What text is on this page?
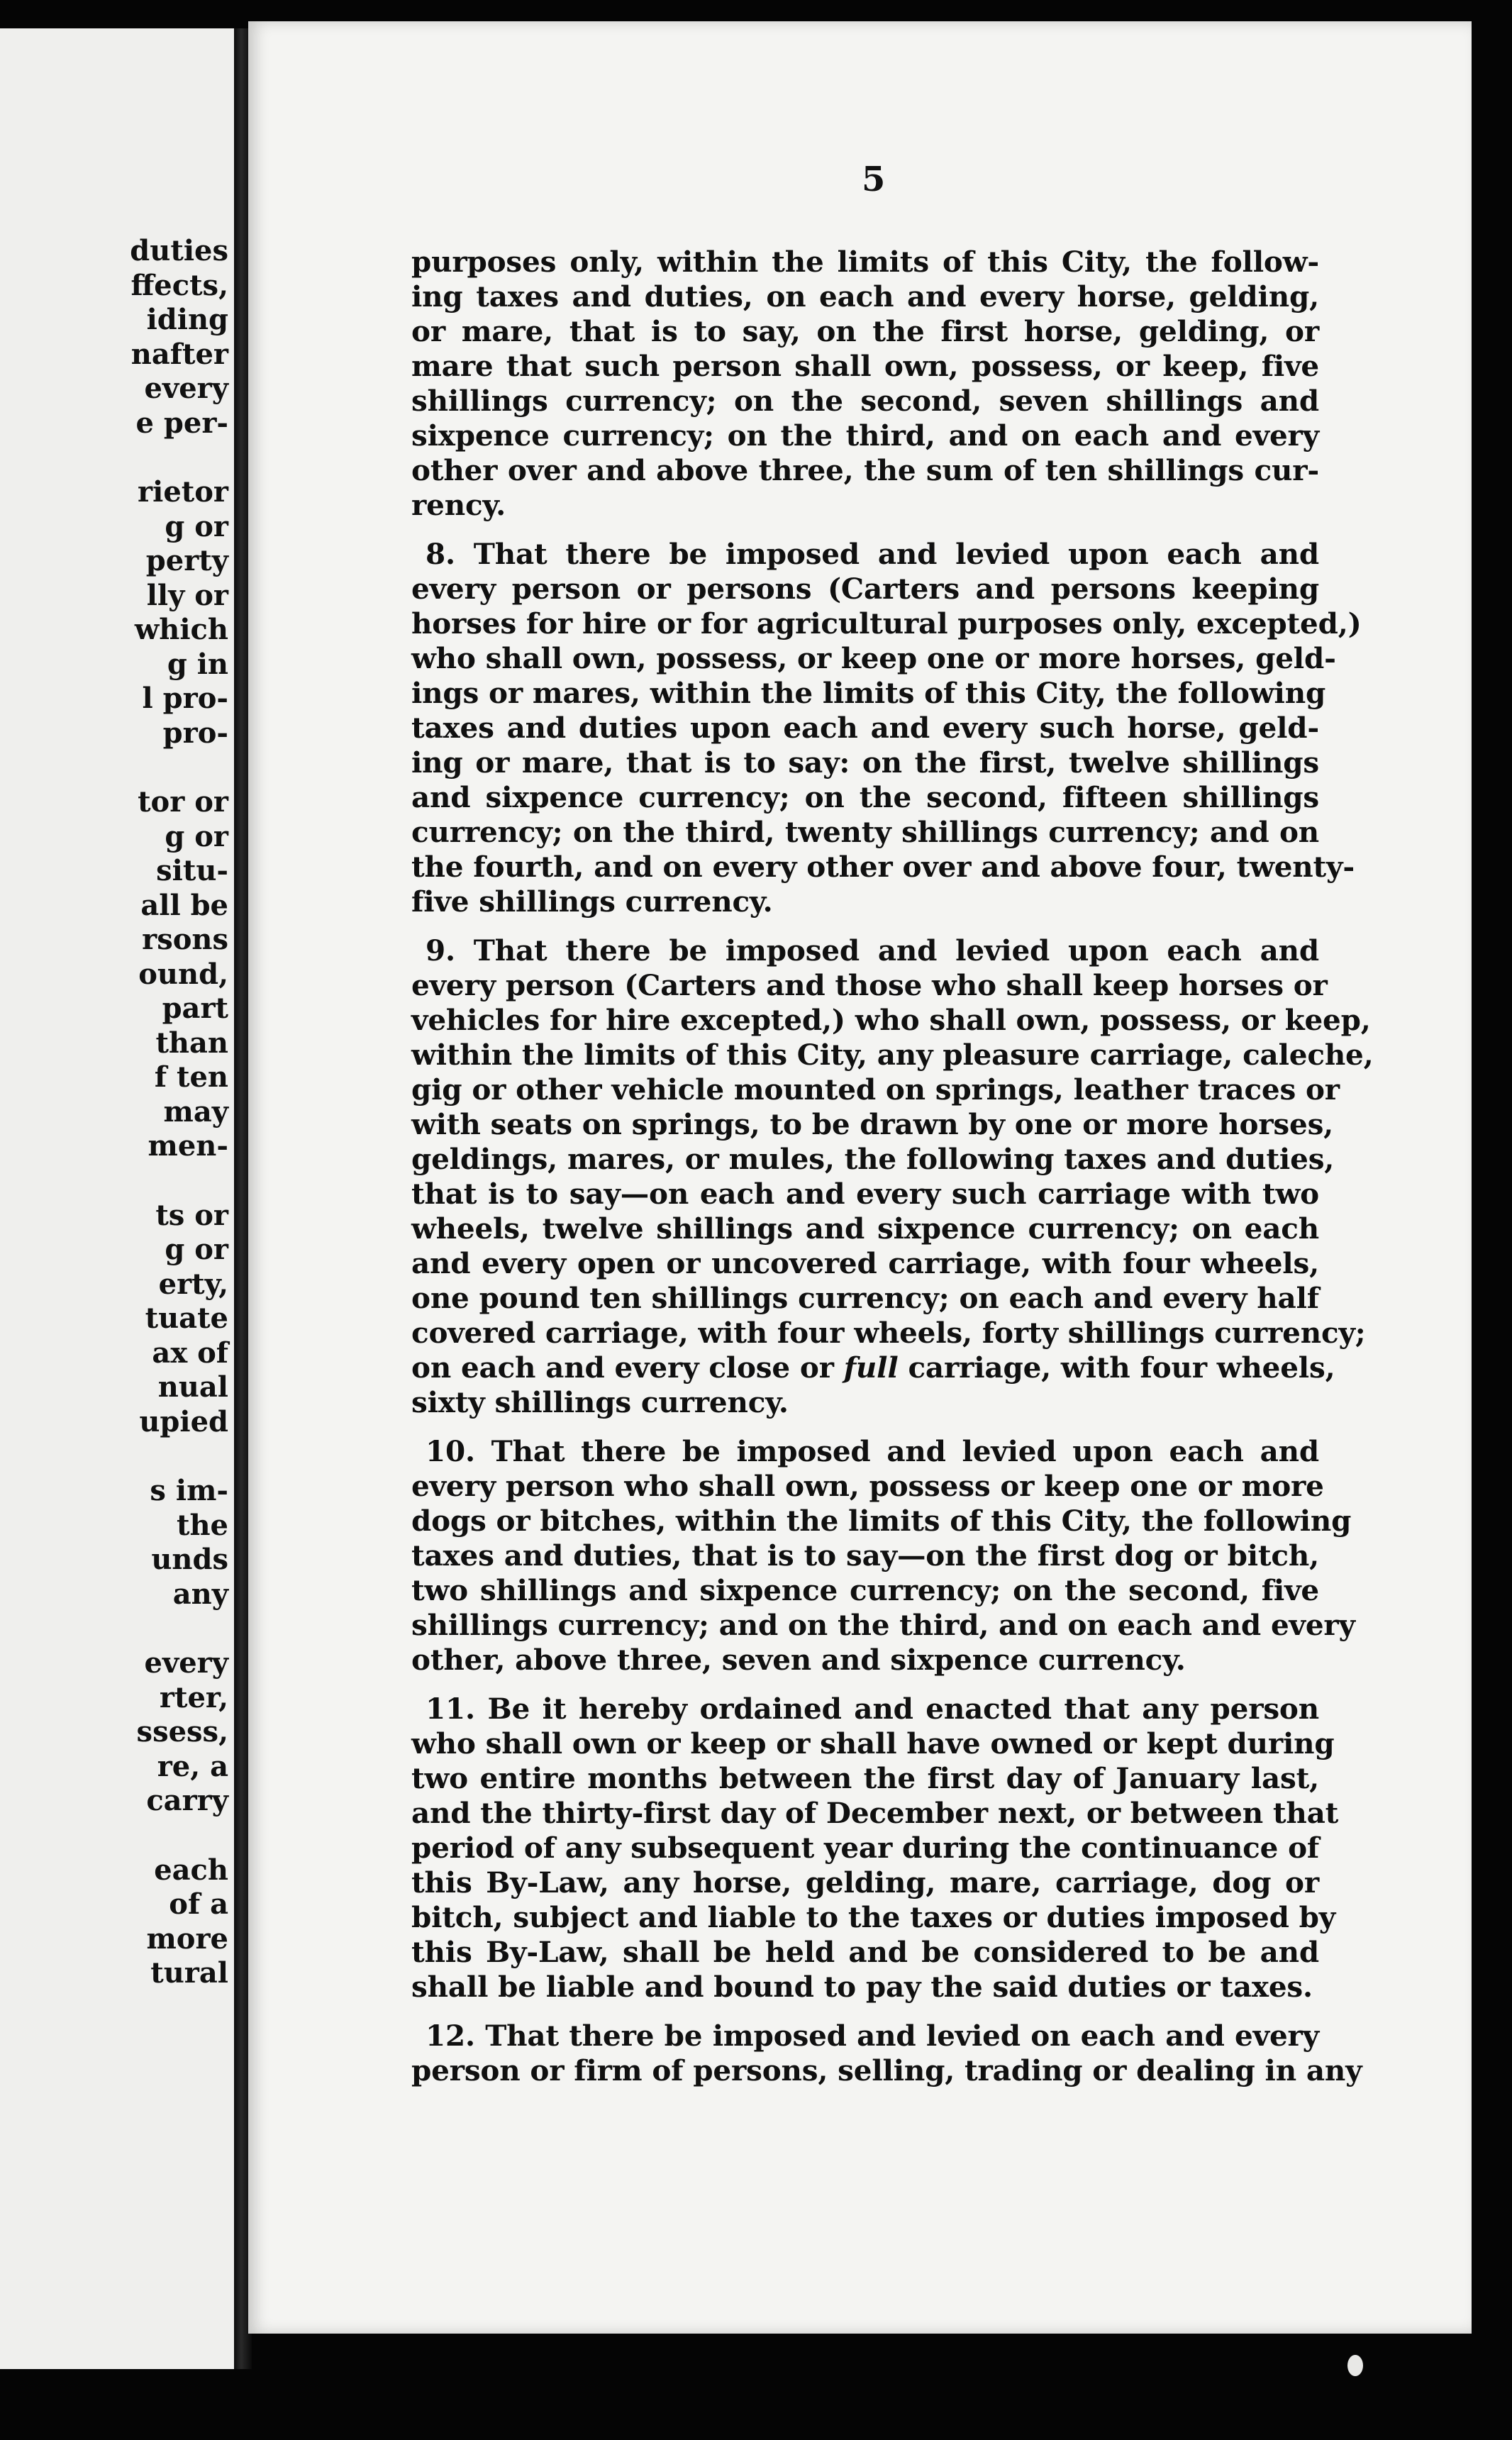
duties
ffects,
iding
nafter
every
e per-
rietor
g or
perty
lly or
which
g in
l pro-
pro-
tor or
g or
situ-
all be
rsons
ound,
part
than
f ten
may
men-
ts or
g or
erty,
tuate
ax of
nual
upied
s im-
the
unds
any
every
rter,
ssess,
re, a
carry
each
of a
more
tural
5
purposes only, within the limits of this City, the follow-
ing taxes and duties, on each and every horse, gelding,
or mare, that is to say, on the first horse, gelding, or
mare that such person shall own, possess, or keep, five
shillings currency; on the second, seven shillings and
sixpence currency; on the third, and on each and every
other over and above three, the sum of ten shillings cur-
rency.
8. That there be imposed and levied upon each and
every person or persons (Carters and persons keeping
horses for hire or for agricultural purposes only, excepted,)
who shall own, possess, or keep one or more horses, geld-
ings or mares, within the limits of this City, the following
taxes and duties upon each and every such horse, geld-
ing or mare, that is to say: on the first, twelve shillings
and sixpence currency; on the second, fifteen shillings
currency; on the third, twenty shillings currency; and on
the fourth, and on every other over and above four, twenty-
five shillings currency.
9. That there be imposed and levied upon each and
every person (Carters and those who shall keep horses or
vehicles for hire excepted,) who shall own, possess, or keep,
within the limits of this City, any pleasure carriage, caleche,
gig or other vehicle mounted on springs, leather traces or
with seats on springs, to be drawn by one or more horses,
geldings, mares, or mules, the following taxes and duties,
that is to say—on each and every such carriage with two
wheels, twelve shillings and sixpence currency; on each
and every open or uncovered carriage, with four wheels,
one pound ten shillings currency; on each and every half
covered carriage, with four wheels, forty shillings currency;
on each and every close or full carriage, with four wheels,
sixty shillings currency.
10. That there be imposed and levied upon each and
every person who shall own, possess or keep one or more
dogs or bitches, within the limits of this City, the following
taxes and duties, that is to say—on the first dog or bitch,
two shillings and sixpence currency; on the second, five
shillings currency; and on the third, and on each and every
other, above three, seven and sixpence currency.
11. Be it hereby ordained and enacted that any person
who shall own or keep or shall have owned or kept during
two entire months between the first day of January last,
and the thirty-first day of December next, or between that
period of any subsequent year during the continuance of
this By-Law, any horse, gelding, mare, carriage, dog or
bitch, subject and liable to the taxes or duties imposed by
this By-Law, shall be held and be considered to be and
shall be liable and bound to pay the said duties or taxes.
12. That there be imposed and levied on each and every
person or firm of persons, selling, trading or dealing in any
